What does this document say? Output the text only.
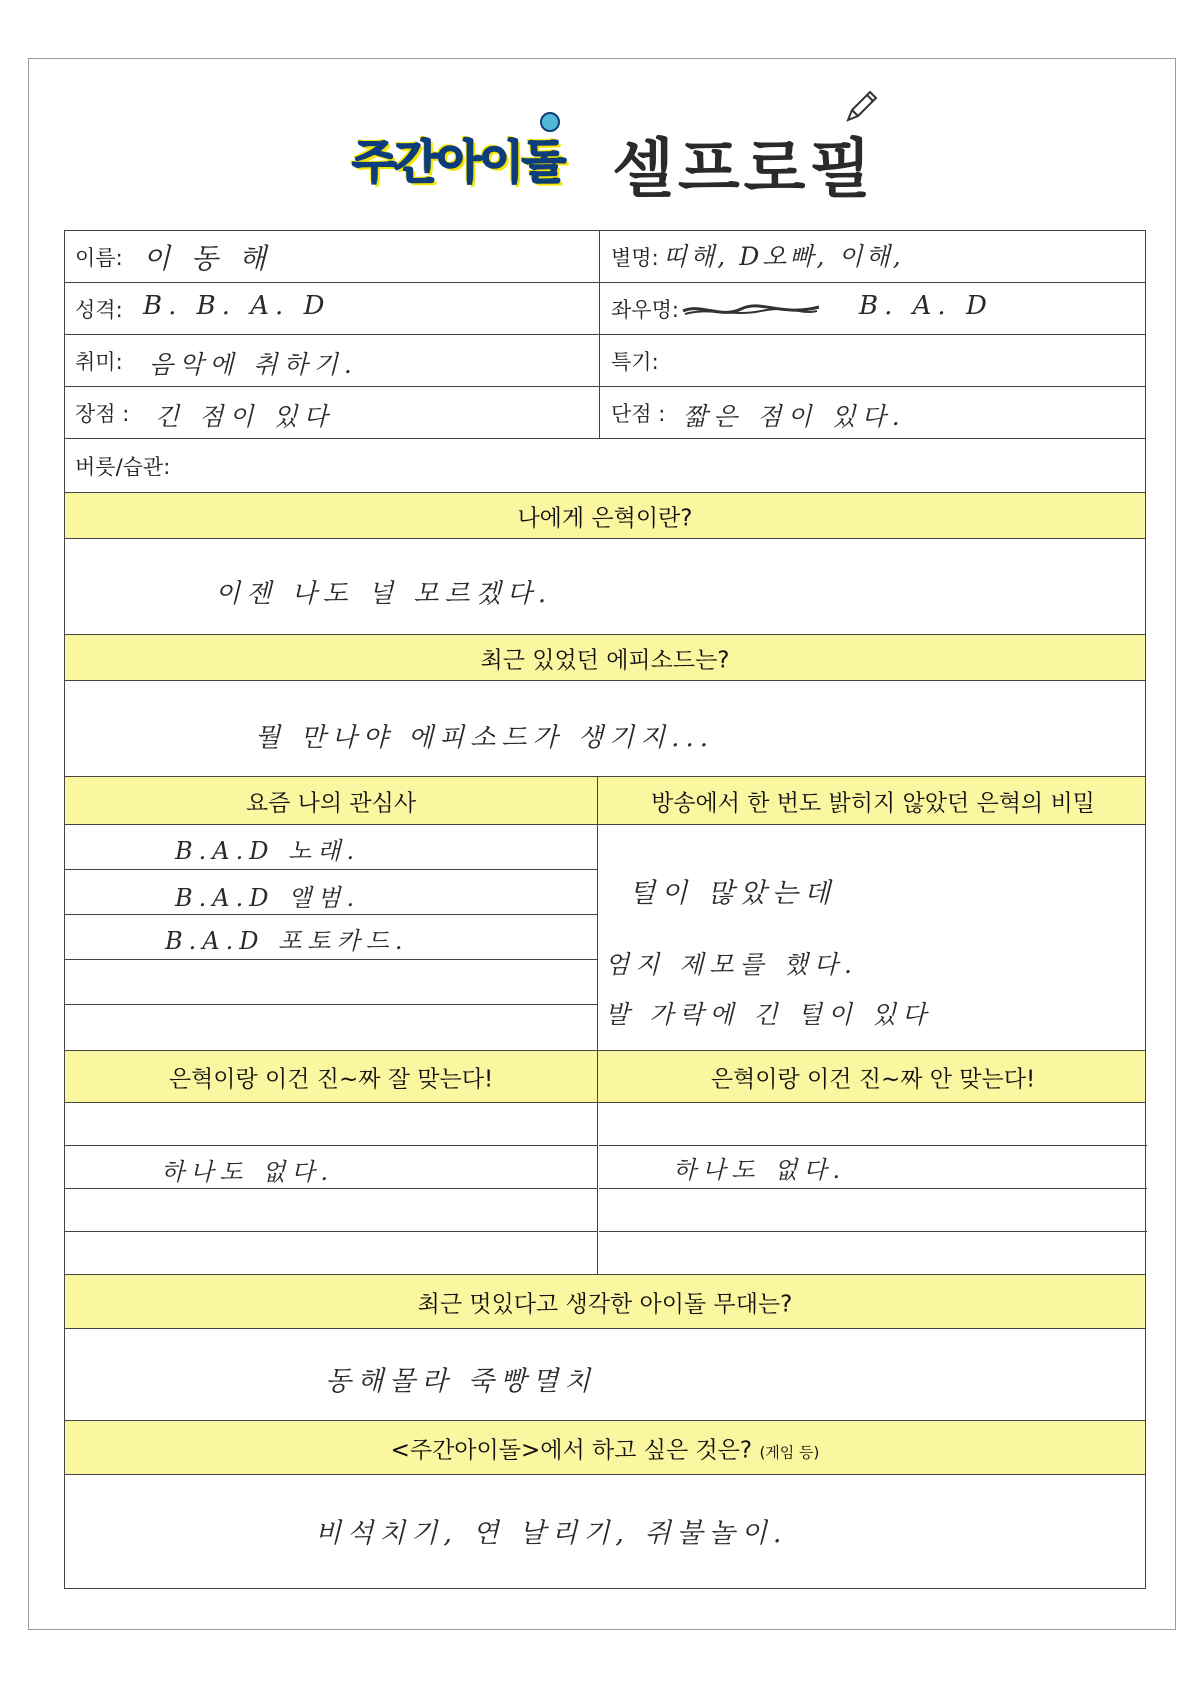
주간아이돌 셀프로필
이름: 이 동 해	별명: 띠해, D오빠, 이해,
성격: B. B. A. D	좌우명:	B. A. D
취미: 음악에 취하기.	특기:
장점 : 긴 점이 있다	단점 : 짧은 점이 있다.
버릇/습관:
나에게 은혁이란?
이젠 나도 널 모르겠다.
최근 있었던 에피소드는?
뭘 만나야 에피소드가 생기지...
요즘 나의 관심사	방송에서 한 번도 밝히지 않았던 은혁의 비밀
B.A.D 노래.
B.A.D 앨범.
B.A.D 포토카드.
털이 많았는데
엄지 제모를 했다.
발 가락에 긴 털이 있다
은혁이랑 이건 진~짜 잘 맞는다!	은혁이랑 이건 진~짜 안 맞는다!
하나도 없다.	하나도 없다.
최근 멋있다고 생각한 아이돌 무대는?
동해몰라 죽빵멸치
<주간아이돌>에서 하고 싶은 것은? (게임 등)
비석치기, 연 날리기, 쥐불놀이.
